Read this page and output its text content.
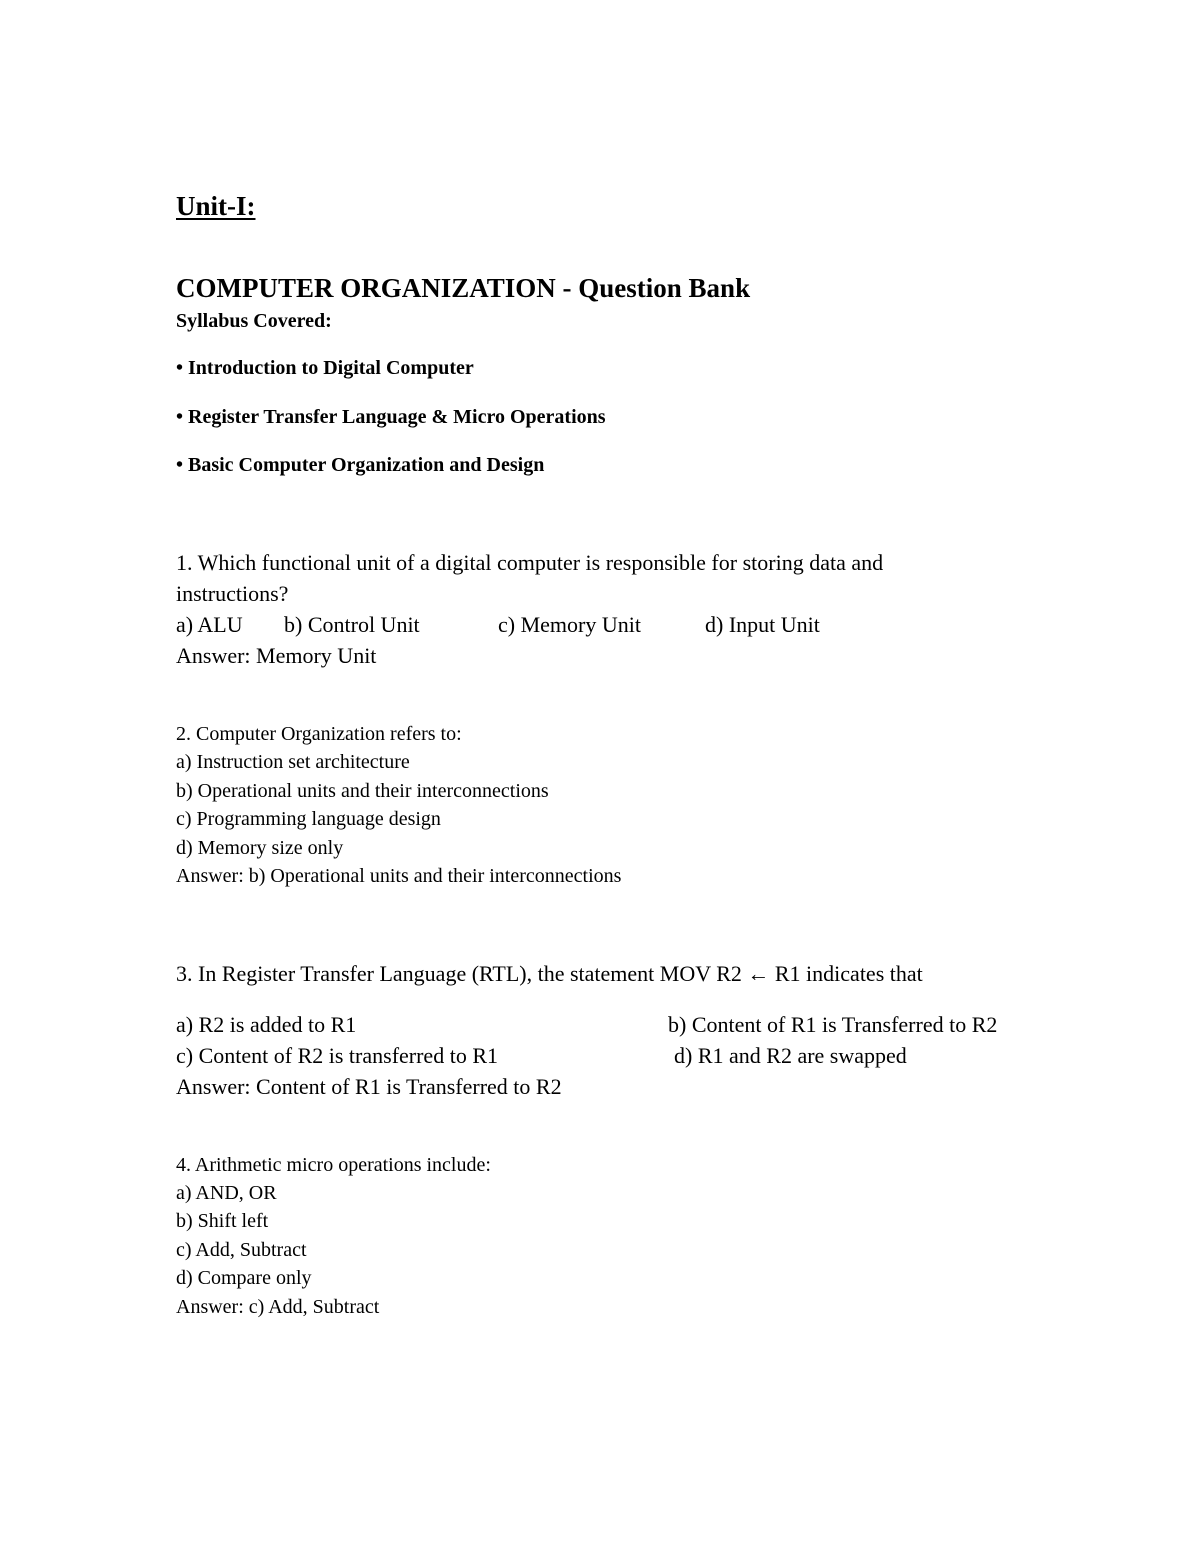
Unit-I:
COMPUTER ORGANIZATION - Question Bank
Syllabus Covered:
• Introduction to Digital Computer
• Register Transfer Language & Micro Operations
• Basic Computer Organization and Design
1. Which functional unit of a digital computer is responsible for storing data and
instructions?
a) ALU b) Control Unit	c) Memory Unit	d) Input Unit
Answer: Memory Unit
2. Computer Organization refers to:
a) Instruction set architecture
b) Operational units and their interconnections
c) Programming language design
d) Memory size only
Answer: b) Operational units and their interconnections
3. In Register Transfer Language (RTL), the statement MOV R2 ← R1 indicates that
a) R2 is added to R1	b) Content of R1 is Transferred to R2
c) Content of R2 is transferred to R1	d) R1 and R2 are swapped
Answer: Content of R1 is Transferred to R2
4. Arithmetic micro operations include:
a) AND, OR
b) Shift left
c) Add, Subtract
d) Compare only
Answer: c) Add, Subtract
